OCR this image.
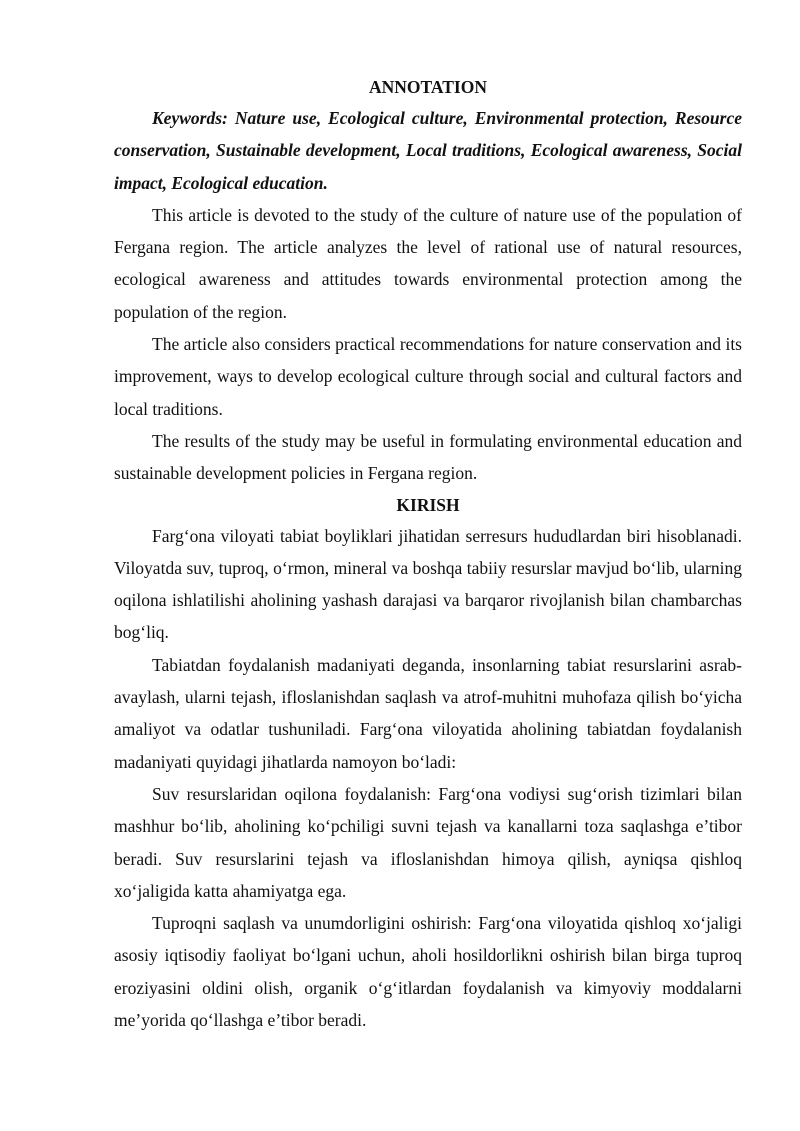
ANNOTATION

Keywords: Nature use, Ecological culture, Environmental protection, Resource conservation, Sustainable development, Local traditions, Ecological awareness, Social impact, Ecological education.

This article is devoted to the study of the culture of nature use of the population of Fergana region. The article analyzes the level of rational use of natural resources, ecological awareness and attitudes towards environmental protection among the population of the region.

The article also considers practical recommendations for nature conservation and its improvement, ways to develop ecological culture through social and cultural factors and local traditions.

The results of the study may be useful in formulating environmental education and sustainable development policies in Fergana region.

KIRISH

Farg‘ona viloyati tabiat boyliklari jihatidan serresurs hududlardan biri hisoblanadi. Viloyatda suv, tuproq, o‘rmon, mineral va boshqa tabiiy resurslar mavjud bo‘lib, ularning oqilona ishlatilishi aholining yashash darajasi va barqaror rivojlanish bilan chambarchas bog‘liq.

Tabiatdan foydalanish madaniyati deganda, insonlarning tabiat resurslarini asrab-avaylash, ularni tejash, ifloslanishdan saqlash va atrof-muhitni muhofaza qilish bo‘yicha amaliyot va odatlar tushuniladi. Farg‘ona viloyatida aholining tabiatdan foydalanish madaniyati quyidagi jihatlarda namoyon bo‘ladi:

Suv resurslaridan oqilona foydalanish: Farg‘ona vodiysi sug‘orish tizimlari bilan mashhur bo‘lib, aholining ko‘pchiligi suvni tejash va kanallarni toza saqlashga e’tibor beradi. Suv resurslarini tejash va ifloslanishdan himoya qilish, ayniqsa qishloq xo‘jaligida katta ahamiyatga ega.

Tuproqni saqlash va unumdorligini oshirish: Farg‘ona viloyatida qishloq xo‘jaligi asosiy iqtisodiy faoliyat bo‘lgani uchun, aholi hosildorlikni oshirish bilan birga tuproq eroziyasini oldini olish, organik o‘g‘itlardan foydalanish va kimyoviy moddalarni me’yorida qo‘llashga e’tibor beradi.
